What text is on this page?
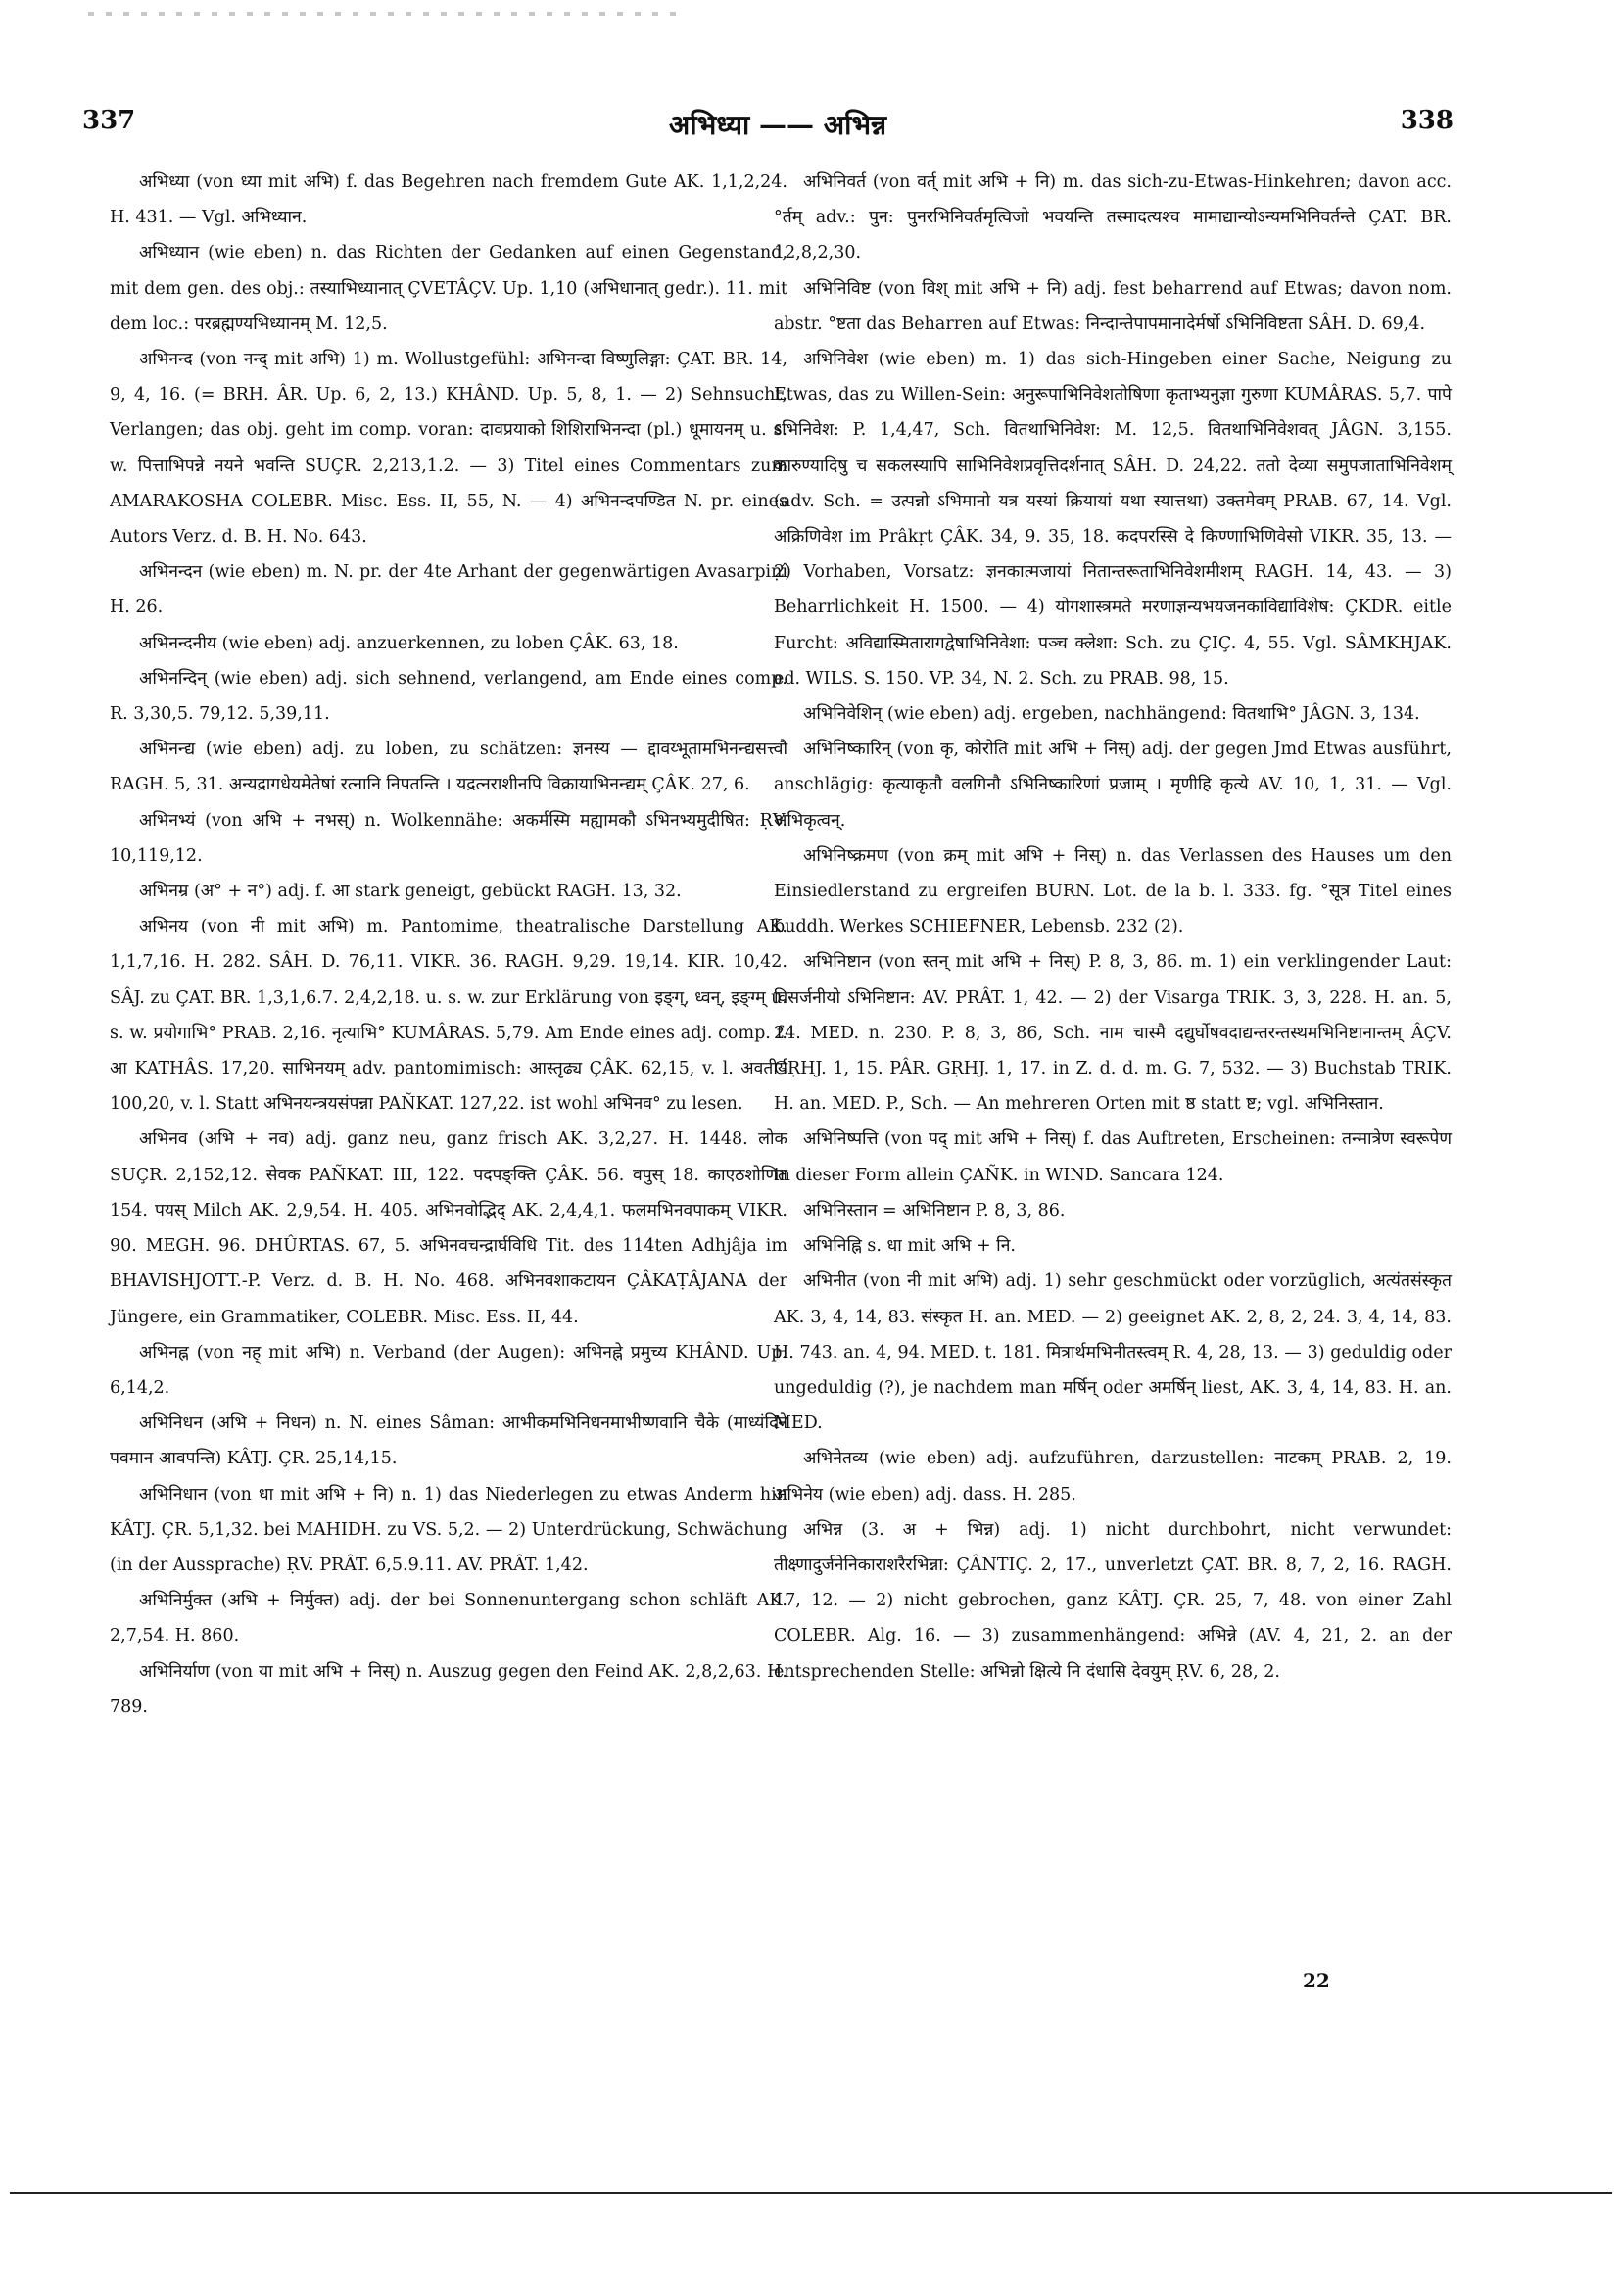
337	अभिध्या —— अभिन्न	338

अभिध्या (von ध्या mit अभि) f. das Begehren nach fremdem Gute AK. 1,1,2,24. H. 431. — Vgl. अभिध्यान.

अभिध्यान (wie eben) n. das Richten der Gedanken auf einen Gegenstand, mit dem gen. des obj.: तस्याभिध्यानात् ÇVETÂÇV. Up. 1,10 (अभिधानात् gedr.). 11. mit dem loc.: परब्रह्मण्यभिध्यानम् M. 12,5.

अभिनन्द (von नन्द् mit अभि) 1) m. Wollustgefühl: अभिनन्दा विष्णुलिङ्गा: ÇAT. BR. 14, 9, 4, 16. (= BRH. ÂR. Up. 6, 2, 13.) KHÂND. Up. 5, 8, 1. — 2) Sehnsucht, Verlangen; das obj. geht im comp. voran: दावप्रयाको शिशिराभिनन्दा (pl.) धूमायनम् u. s. w. पित्ताभिपन्ने नयने भवन्ति SUÇR. 2,213,1.2. — 3) Titel eines Commentars zum AMARAKOSHA COLEBR. Misc. Ess. II, 55, N. — 4) अभिनन्दपण्डित N. pr. eines Autors Verz. d. B. H. No. 643.

अभिनन्दन (wie eben) m. N. pr. der 4te Arhant der gegenwärtigen Avasarpiṇî H. 26.

अभिनन्दनीय (wie eben) adj. anzuerkennen, zu loben ÇÂK. 63, 18.

अभिनन्दिन् (wie eben) adj. sich sehnend, verlangend, am Ende eines comp. R. 3,30,5. 79,12. 5,39,11.

अभिनन्द्य (wie eben) adj. zu loben, zu schätzen: ज्ञनस्य — द्दावय्भूतामभिनन्द्यसत्त्वौ RAGH. 5, 31. अन्यद्रागधेयमेतेषां रत्नानि निपतन्ति । यद्रत्नराशीनपि विक्रायाभिनन्द्यम् ÇÂK. 27, 6.

अभिनभ्यं (von अभि + नभस्) n. Wolkennähe: अकर्मस्मि मह्यामकौ ऽभिनभ्यमुदीषित: ṚV. 10,119,12.

अभिनम्र (अ° + न°) adj. f. आ stark geneigt, gebückt RAGH. 13, 32.

अभिनय (von नी mit अभि) m. Pantomime, theatralische Darstellung AK. 1,1,7,16. H. 282. SÂH. D. 76,11. VIKR. 36. RAGH. 9,29. 19,14. KIR. 10,42. SÂJ. zu ÇAT. BR. 1,3,1,6.7. 2,4,2,18. u. s. w. zur Erklärung von इङ्ग्, ध्वन्, इङ्ग्म् u. s. w. प्रयोगाभि° PRAB. 2,16. नृत्याभि° KUMÂRAS. 5,79. Am Ende eines adj. comp. f. आ KATHÂS. 17,20. साभिनयम् adv. pantomimisch: आस्तृढ्य ÇÂK. 62,15, v. l. अवतीर्य 100,20, v. l. Statt अभिनयन्त्रयसंपन्ना PAÑKAT. 127,22. ist wohl अभिनव° zu lesen.

अभिनव (अभि + नव) adj. ganz neu, ganz frisch AK. 3,2,27. H. 1448. लोक SUÇR. 2,152,12. सेवक PAÑKAT. III, 122. पदपङ्क्ति ÇÂK. 56. वपुस् 18. काएठशोणित 154. पयस् Milch AK. 2,9,54. H. 405. अभिनवोद्भिद् AK. 2,4,4,1. फलमभिनवपाकम् VIKR. 90. MEGH. 96. DHÛRTAS. 67, 5. अभिनवचन्द्रार्घविधि Tit. des 114ten Adhjâja im BHAVISHJOTT.-P. Verz. d. B. H. No. 468. अभिनवशाकटायन ÇÂKAṬÂJANA der Jüngere, ein Grammatiker, COLEBR. Misc. Ess. II, 44.

अभिनह्न (von नह् mit अभि) n. Verband (der Augen): अभिनह्ने प्रमुच्य KHÂND. Up. 6,14,2.

अभिनिधन (अभि + निधन) n. N. eines Sâman: आभीकमभिनिधनमाभीष्णवानि चैके (माध्यंदिने पवमान आवपन्ति) KÂTJ. ÇR. 25,14,15.

अभिनिधान (von धा mit अभि + नि) n. 1) das Niederlegen zu etwas Anderm hin KÂTJ. ÇR. 5,1,32. bei MAHIDH. zu VS. 5,2. — 2) Unterdrückung, Schwächung (in der Aussprache) ṚV. PRÂT. 6,5.9.11. AV. PRÂT. 1,42.

अभिनिर्मुक्त (अभि + निर्मुक्त) adj. der bei Sonnenuntergang schon schläft AK. 2,7,54. H. 860.

अभिनिर्याण (von या mit अभि + निस्) n. Auszug gegen den Feind AK. 2,8,2,63. H. 789.

अभिनिवर्त (von वर्त् mit अभि + नि) m. das sich-zu-Etwas-Hinkehren; davon acc. °र्तम् adv.: पुन: पुनरभिनिवर्तमृत्विजो भवयन्ति तस्मादत्यश्च मामाद्यान्योऽन्यमभिनिवर्तन्ते ÇAT. BR. 12,8,2,30.

अभिनिविष्ट (von विश् mit अभि + नि) adj. fest beharrend auf Etwas; davon nom. abstr. °ष्टता das Beharren auf Etwas: निन्दान्तेपापमानादेर्मर्षो ऽभिनिविष्टता SÂH. D. 69,4.

अभिनिवेश (wie eben) m. 1) das sich-Hingeben einer Sache, Neigung zu Etwas, das zu Willen-Sein: अनुरूपाभिनिवेशतोषिणा कृताभ्यनुज्ञा गुरुणा KUMÂRAS. 5,7. पापे ऽभिनिवेश: P. 1,4,47, Sch. वितथाभिनिवेश: M. 12,5. वितथाभिनिवेशवत् JÂGN. 3,155. कारुण्यादिषु च सकलस्यापि साभिनिवेशप्रवृत्तिदर्शनात् SÂH. D. 24,22. ततो देव्या समुपजाताभिनिवेशम् (adv. Sch. = उत्पन्नो ऽभिमानो यत्र यस्यां क्रियायां यथा स्यात्तथा) उक्तमेवम् PRAB. 67, 14. Vgl. अक्रिणिवेश im Prâkṛt ÇÂK. 34, 9. 35, 18. कदपरस्सि दे किण्णाभिणिवेसो VIKR. 35, 13. — 2) Vorhaben, Vorsatz: ज्ञनकात्मजायां नितान्तरूताभिनिवेशमीशम् RAGH. 14, 43. — 3) Beharrlichkeit H. 1500. — 4) योगशास्त्रमते मरणाज्ञन्यभयजनकाविद्याविशेष: ÇKDR. eitle Furcht: अविद्यास्मितारागद्वेषाभिनिवेशा: पञ्च क्लेशा: Sch. zu ÇIÇ. 4, 55. Vgl. SÂMKHJAK. ed. WILS. S. 150. VP. 34, N. 2. Sch. zu PRAB. 98, 15.

अभिनिवेशिन् (wie eben) adj. ergeben, nachhängend: वितथाभि° JÂGN. 3, 134.

अभिनिष्कारिन् (von कृ, कोरोति mit अभि + निस्) adj. der gegen Jmd Etwas ausführt, anschlägig: कृत्याकृतौ वलगिनौ ऽभिनिष्कारिणां प्रजाम् । मृणीहि कृत्ये AV. 10, 1, 31. — Vgl. अभिकृत्वन्.

अभिनिष्क्रमण (von क्रम् mit अभि + निस्) n. das Verlassen des Hauses um den Einsiedlerstand zu ergreifen BURN. Lot. de la b. l. 333. fg. °सूत्र Titel eines buddh. Werkes SCHIEFNER, Lebensb. 232 (2).

अभिनिष्टान (von स्तन् mit अभि + निस्) P. 8, 3, 86. m. 1) ein verklingender Laut: विसर्जनीयो ऽभिनिष्टान: AV. PRÂT. 1, 42. — 2) der Visarga TRIK. 3, 3, 228. H. an. 5, 24. MED. n. 230. P. 8, 3, 86, Sch. नाम चास्मै दद्युर्घोषवदाद्यन्तरन्तस्थमभिनिष्टानान्तम् ÂÇV. GṚHJ. 1, 15. PÂR. GṚHJ. 1, 17. in Z. d. d. m. G. 7, 532. — 3) Buchstab TRIK. H. an. MED. P., Sch. — An mehreren Orten mit ष्ठ statt ष्ट; vgl. अभिनिस्तान.

अभिनिष्पत्ति (von पद् mit अभि + निस्) f. das Auftreten, Erscheinen: तन्मात्रेण स्वरूपेण in dieser Form allein ÇAÑK. in WIND. Sancara 124.

अभिनिस्तान = अभिनिष्टान P. 8, 3, 86.

अभिनिह्नि s. धा mit अभि + नि.

अभिनीत (von नी mit अभि) adj. 1) sehr geschmückt oder vorzüglich, अत्यंतसंस्कृत AK. 3, 4, 14, 83. संस्कृत H. an. MED. — 2) geeignet AK. 2, 8, 2, 24. 3, 4, 14, 83. H. 743. an. 4, 94. MED. t. 181. मित्रार्थमभिनीतस्त्वम् R. 4, 28, 13. — 3) geduldig oder ungeduldig (?), je nachdem man मर्षिन् oder अमर्षिन् liest, AK. 3, 4, 14, 83. H. an. MED.

अभिनेतव्य (wie eben) adj. aufzuführen, darzustellen: नाटकम् PRAB. 2, 19. अभिनेय (wie eben) adj. dass. H. 285.

अभिन्न (3. अ + भिन्न) adj. 1) nicht durchbohrt, nicht verwundet: तीक्ष्णादुर्जनेनिकाराशरैरभिन्ना: ÇÂNTIÇ. 2, 17., unverletzt ÇAT. BR. 8, 7, 2, 16. RAGH. 17, 12. — 2) nicht gebrochen, ganz KÂTJ. ÇR. 25, 7, 48. von einer Zahl COLEBR. Alg. 16. — 3) zusammenhängend: अभिन्ने (AV. 4, 21, 2. an der entsprechenden Stelle: अभिन्नो क्षित्ये नि दंधासि देवयुम् ṚV. 6, 28, 2.

22
